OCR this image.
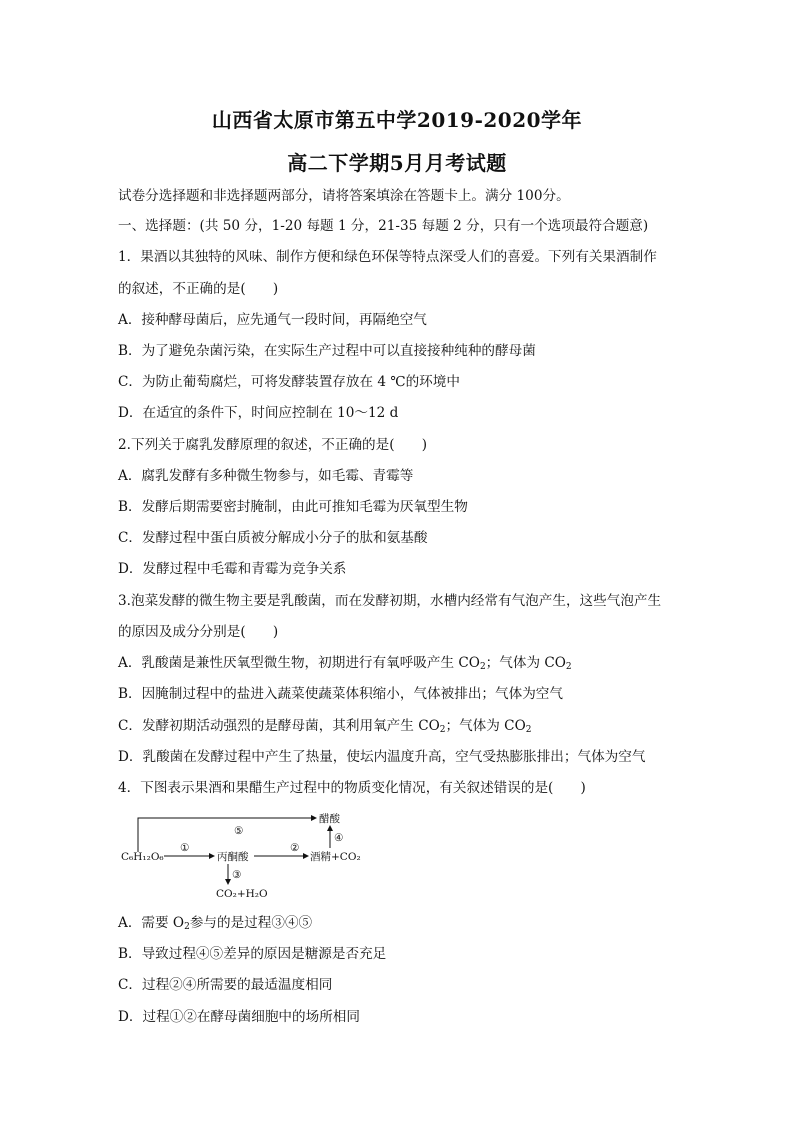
山西省太原市第五中学2019-2020学年
高二下学期5月月考试题
试卷分选择题和非选择题两部分，请将答案填涂在答题卡上。满分 100分。
一、选择题：(共 50 分，1-20 每题 1 分，21-35 每题 2 分，只有一个选项最符合题意)
1．果酒以其独特的风味、制作方便和绿色环保等特点深受人们的喜爱。下列有关果酒制作
的叙述，不正确的是(　　)
A．接种酵母菌后，应先通气一段时间，再隔绝空气
B．为了避免杂菌污染，在实际生产过程中可以直接接种纯种的酵母菌
C．为防止葡萄腐烂，可将发酵装置存放在 4 ℃的环境中
D．在适宜的条件下，时间应控制在 10～12 d
2.下列关于腐乳发酵原理的叙述，不正确的是(　　)
A．腐乳发酵有多种微生物参与，如毛霉、青霉等
B．发酵后期需要密封腌制，由此可推知毛霉为厌氧型生物
C．发酵过程中蛋白质被分解成小分子的肽和氨基酸
D．发酵过程中毛霉和青霉为竞争关系
3.泡菜发酵的微生物主要是乳酸菌，而在发酵初期，水槽内经常有气泡产生，这些气泡产生
的原因及成分分别是(　　)
A．乳酸菌是兼性厌氧型微生物，初期进行有氧呼吸产生 $CO_2$；气体为 $CO_2$
B．因腌制过程中的盐进入蔬菜使蔬菜体积缩小，气体被排出；气体为空气
C．发酵初期活动强烈的是酵母菌，其利用氧产生 $CO_2$；气体为 $CO_2$
D．乳酸菌在发酵过程中产生了热量，使坛内温度升高，空气受热膨胀排出；气体为空气
4．下图表示果酒和果醋生产过程中的物质变化情况，有关叙述错误的是(　　)
⑤
醋酸
C₆H₁₂O₆
①
丙酮酸
②
酒精+CO₂
④
③
CO₂+H₂O
A．需要 $O_2$参与的是过程③④⑤
B．导致过程④⑤差异的原因是糖源是否充足
C．过程②④所需要的最适温度相同
D．过程①②在酵母菌细胞中的场所相同
